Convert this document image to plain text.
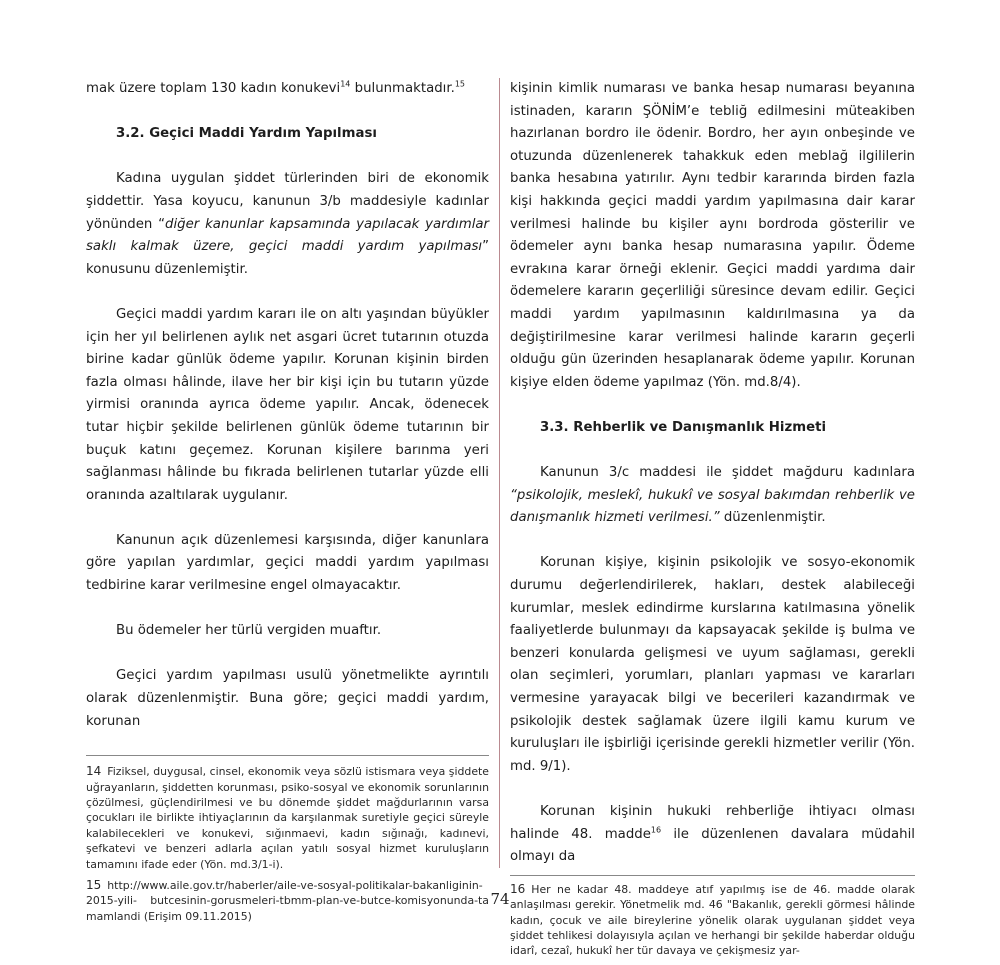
mak üzere toplam 130 kadın konukevi$^{14}$ bulunmaktadır.$^{15}$

3.2. Geçici Maddi Yardım Yapılması

Kadına uygulan şiddet türlerinden biri de ekonomik şiddettir. Yasa koyucu, kanunun 3/b maddesiyle kadınlar yönünden “diğer kanunlar kapsamında yapılacak yardımlar saklı kalmak üzere, geçici maddi yardım yapılması” konusunu düzenlemiştir.

Geçici maddi yardım kararı ile on altı yaşından büyükler için her yıl belirlenen aylık net asgari ücret tutarının otuzda birine kadar günlük ödeme yapılır. Korunan kişinin birden fazla olması hâlinde, ilave her bir kişi için bu tutarın yüzde yirmisi oranında ayrıca ödeme yapılır. Ancak, ödenecek tutar hiçbir şekilde belirlenen günlük ödeme tutarının bir buçuk katını geçemez. Korunan kişilere barınma yeri sağlanması hâlinde bu fıkrada belirlenen tutarlar yüzde elli oranında azaltılarak uygulanır.

Kanunun açık düzenlemesi karşısında, diğer kanunlara göre yapılan yardımlar, geçici maddi yardım yapılması tedbirine karar verilmesine engel olmayacaktır.

Bu ödemeler her türlü vergiden muaftır.

Geçici yardım yapılması usulü yönetmelikte ayrıntılı olarak düzenlenmiştir. Buna göre; geçici maddi yardım, korunan

14 Fiziksel, duygusal, cinsel, ekonomik veya sözlü istismara veya şiddete uğrayanların, şiddetten korunması, psiko-sosyal ve ekonomik sorunlarının çözülmesi, güçlendirilmesi ve bu dönemde şiddet mağdurlarının varsa çocukları ile birlikte ihtiyaçlarının da karşılanmak suretiyle geçici süreyle kalabilecekleri ve konukevi, sığınmaevi, kadın sığınağı, kadınevi, şefkatevi ve benzeri adlarla açılan yatılı sosyal hizmet kuruluşların tamamını ifade eder (Yön. md.3/1-i).

15 http://www.aile.gov.tr/haberler/aile-ve-sosyal-politikalar-bakanliginin-2015-yili- butcesinin-gorusmeleri-tbmm-plan-ve-butce-komisyonunda-tamamlandi (Erişim 09.11.2015)

kişinin kimlik numarası ve banka hesap numarası beyanına istinaden, kararın ŞÖNİM’e tebliğ edilmesini müteakiben hazırlanan bordro ile ödenir. Bordro, her ayın onbeşinde ve otuzunda düzenlenerek tahakkuk eden meblağ ilgililerin banka hesabına yatırılır. Aynı tedbir kararında birden fazla kişi hakkında geçici maddi yardım yapılmasına dair karar verilmesi halinde bu kişiler aynı bordroda gösterilir ve ödemeler aynı banka hesap numarasına yapılır. Ödeme evrakına karar örneği eklenir. Geçici maddi yardıma dair ödemelere kararın geçerliliği süresince devam edilir. Geçici maddi yardım yapılmasının kaldırılmasına ya da değiştirilmesine karar verilmesi halinde kararın geçerli olduğu gün üzerinden hesaplanarak ödeme yapılır. Korunan kişiye elden ödeme yapılmaz (Yön. md.8/4).

3.3. Rehberlik ve Danışmanlık Hizmeti

Kanunun 3/c maddesi ile şiddet mağduru kadınlara “psikolojik, meslekî, hukukî ve sosyal bakımdan rehberlik ve danışmanlık hizmeti verilmesi.” düzenlenmiştir.

Korunan kişiye, kişinin psikolojik ve sosyo-ekonomik durumu değerlendirilerek, hakları, destek alabileceği kurumlar, meslek edindirme kurslarına katılmasına yönelik faaliyetlerde bulunmayı da kapsayacak şekilde iş bulma ve benzeri konularda gelişmesi ve uyum sağlaması, gerekli olan seçimleri, yorumları, planları yapması ve kararları vermesine yarayacak bilgi ve becerileri kazandırmak ve psikolojik destek sağlamak üzere ilgili kamu kurum ve kuruluşları ile işbirliği içerisinde gerekli hizmetler verilir (Yön. md. 9/1).

Korunan kişinin hukuki rehberliğe ihtiyacı olması halinde 48. madde$^{16}$ ile düzenlenen davalara müdahil olmayı da

16 Her ne kadar 48. maddeye atıf yapılmış ise de 46. madde olarak anlaşılması gerekir. Yönetmelik md. 46 "Bakanlık, gerekli görmesi hâlinde kadın, çocuk ve aile bireylerine yönelik olarak uygulanan şiddet veya şiddet tehlikesi dolayısıyla açılan ve herhangi bir şekilde haberdar olduğu idarî, cezaî, hukukî her tür davaya ve çekişmesiz yar-

74
